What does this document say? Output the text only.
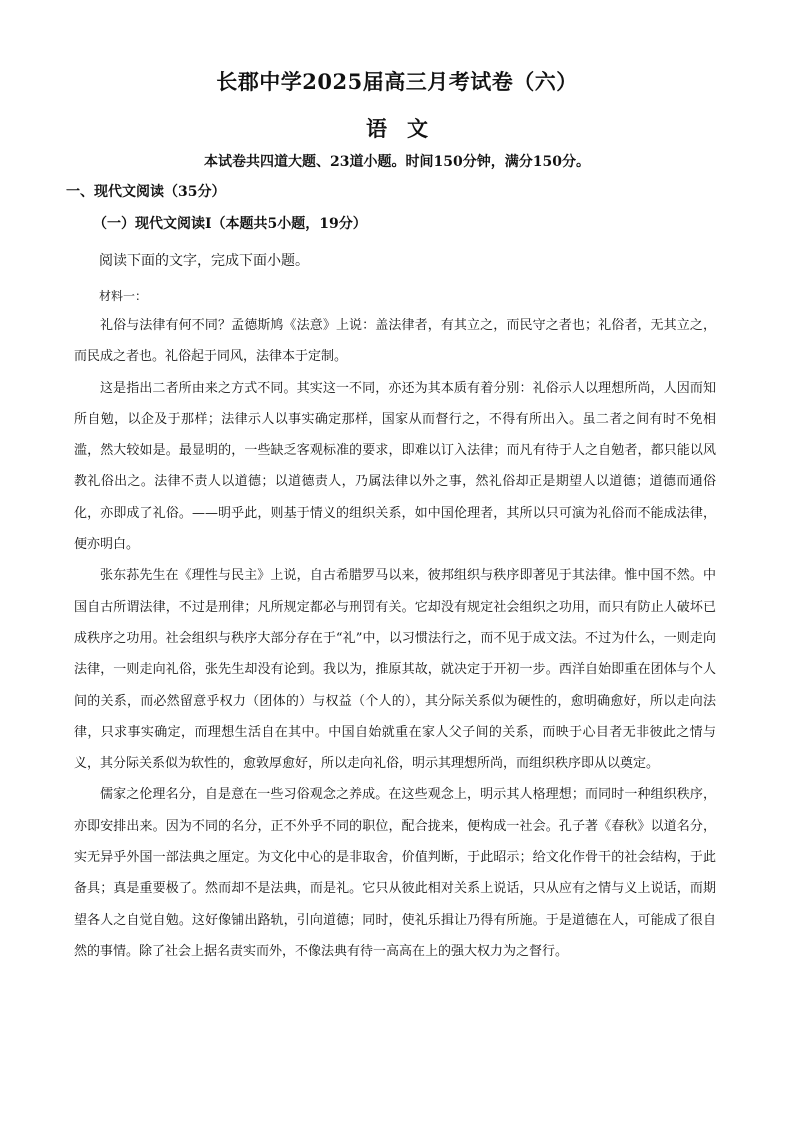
长郡中学2025届高三月考试卷（六）
语文
本试卷共四道大题、23道小题。时间150分钟，满分150分。
一、现代文阅读（35分）
（一）现代文阅读Ⅰ（本题共5小题，19分）
阅读下面的文字，完成下面小题。
材料一：

礼俗与法律有何不同？孟德斯鸠《法意》上说：盖法律者，有其立之，而民守之者也；礼俗者，无其立之，而民成之者也。礼俗起于同风，法律本于定制。

这是指出二者所由来之方式不同。其实这一不同，亦还为其本质有着分别：礼俗示人以理想所尚，人因而知所自勉，以企及于那样；法律示人以事实确定那样，国家从而督行之，不得有所出入。虽二者之间有时不免相滥，然大较如是。最显明的，一些缺乏客观标准的要求，即难以订入法律；而凡有待于人之自勉者，都只能以风教礼俗出之。法律不责人以道德；以道德责人，乃属法律以外之事，然礼俗却正是期望人以道德；道德而通俗化，亦即成了礼俗。——明乎此，则基于情义的组织关系，如中国伦理者，其所以只可演为礼俗而不能成法律，便亦明白。

张东荪先生在《理性与民主》上说，自古希腊罗马以来，彼邦组织与秩序即著见于其法律。惟中国不然。中国自古所谓法律，不过是刑律；凡所规定都必与刑罚有关。它却没有规定社会组织之功用，而只有防止人破坏已成秩序之功用。社会组织与秩序大部分存在于“礼”中，以习惯法行之，而不见于成文法。不过为什么，一则走向法律，一则走向礼俗，张先生却没有论到。我以为，推原其故，就决定于开初一步。西洋自始即重在团体与个人间的关系，而必然留意乎权力（团体的）与权益（个人的），其分际关系似为硬性的，愈明确愈好，所以走向法律，只求事实确定，而理想生活自在其中。中国自始就重在家人父子间的关系，而映于心目者无非彼此之情与义，其分际关系似为软性的，愈敦厚愈好，所以走向礼俗，明示其理想所尚，而组织秩序即从以奠定。

儒家之伦理名分，自是意在一些习俗观念之养成。在这些观念上，明示其人格理想；而同时一种组织秩序，亦即安排出来。因为不同的名分，正不外乎不同的职位，配合拢来，便构成一社会。孔子著《春秋》以道名分，实无异乎外国一部法典之厘定。为文化中心的是非取舍，价值判断，于此昭示；给文化作骨干的社会结构，于此备具；真是重要极了。然而却不是法典，而是礼。它只从彼此相对关系上说话，只从应有之情与义上说话，而期望各人之自觉自勉。这好像铺出路轨，引向道德；同时，使礼乐揖让乃得有所施。于是道德在人，可能成了很自然的事情。除了社会上据名责实而外，不像法典有待一高高在上的强大权力为之督行。
